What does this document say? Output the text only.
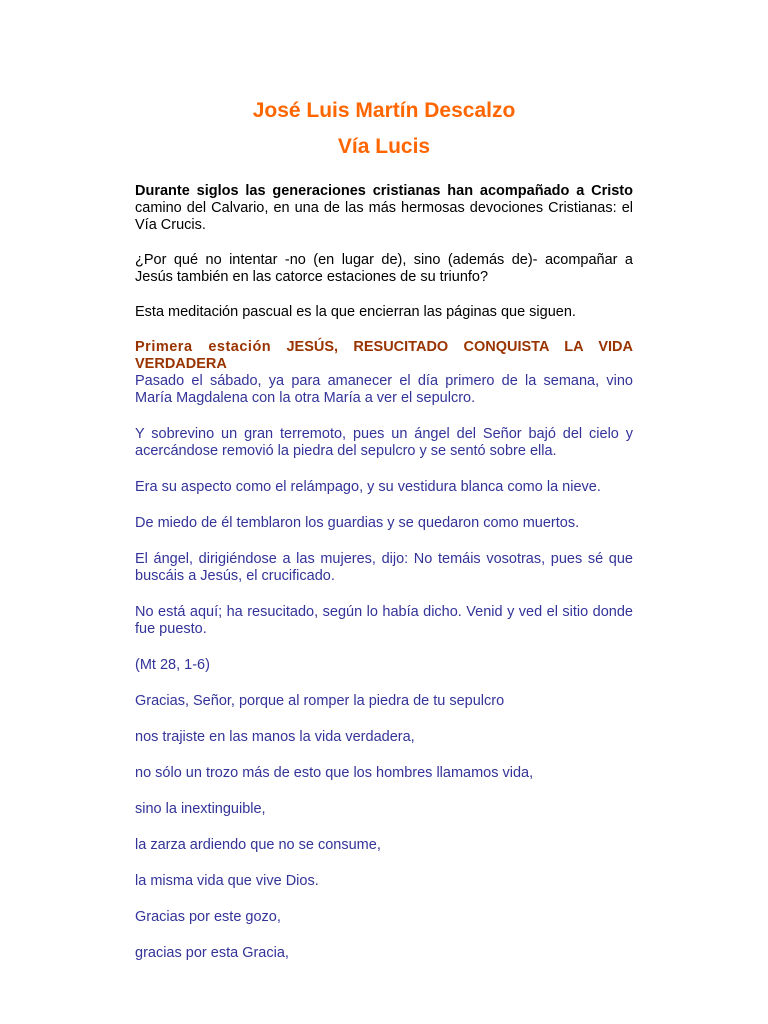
José Luis Martín Descalzo
Vía Lucis

Durante siglos las generaciones cristianas han acompañado a Cristo camino del Calvario, en una de las más hermosas devociones Cristianas: el Vía Crucis.

¿Por qué no intentar -no (en lugar de), sino (además de)- acompañar a Jesús también en las catorce estaciones de su triunfo?

Esta meditación pascual es la que encierran las páginas que siguen.

Primera estación JESÚS, RESUCITADO CONQUISTA LA VIDA VERDADERA

Pasado el sábado, ya para amanecer el día primero de la semana, vino María Magdalena con la otra María a ver el sepulcro.

Y sobrevino un gran terremoto, pues un ángel del Señor bajó del cielo y acercándose removió la piedra del sepulcro y se sentó sobre ella.

Era su aspecto como el relámpago, y su vestidura blanca como la nieve.

De miedo de él temblaron los guardias y se quedaron como muertos.

El ángel, dirigiéndose a las mujeres, dijo: No temáis vosotras, pues sé que buscáis a Jesús, el crucificado.

No está aquí; ha resucitado, según lo había dicho. Venid y ved el sitio donde fue puesto.

(Mt 28, 1-6)

Gracias, Señor, porque al romper la piedra de tu sepulcro

nos trajiste en las manos la vida verdadera,

no sólo un trozo más de esto que los hombres llamamos vida,

sino la inextinguible,

la zarza ardiendo que no se consume,

la misma vida que vive Dios.

Gracias por este gozo,

gracias por esta Gracia,
